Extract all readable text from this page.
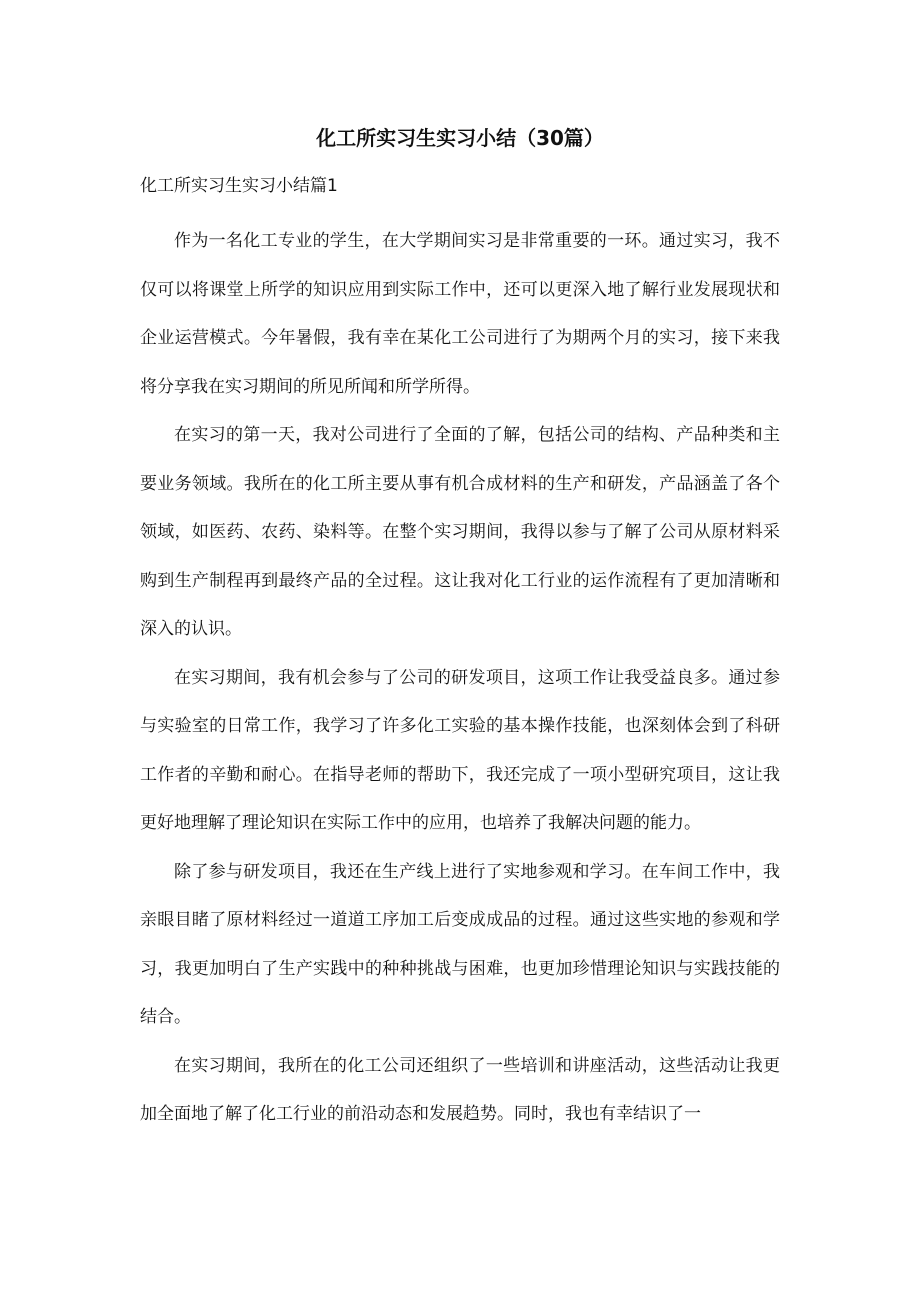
化工所实习生实习小结（30篇）

化工所实习生实习小结篇1

作为一名化工专业的学生，在大学期间实习是非常重要的一环。通过实习，我不仅可以将课堂上所学的知识应用到实际工作中，还可以更深入地了解行业发展现状和企业运营模式。今年暑假，我有幸在某化工公司进行了为期两个月的实习，接下来我将分享我在实习期间的所见所闻和所学所得。

在实习的第一天，我对公司进行了全面的了解，包括公司的结构、产品种类和主要业务领域。我所在的化工所主要从事有机合成材料的生产和研发，产品涵盖了各个领域，如医药、农药、染料等。在整个实习期间，我得以参与了解了公司从原材料采购到生产制程再到最终产品的全过程。这让我对化工行业的运作流程有了更加清晰和深入的认识。

在实习期间，我有机会参与了公司的研发项目，这项工作让我受益良多。通过参与实验室的日常工作，我学习了许多化工实验的基本操作技能，也深刻体会到了科研工作者的辛勤和耐心。在指导老师的帮助下，我还完成了一项小型研究项目，这让我更好地理解了理论知识在实际工作中的应用，也培养了我解决问题的能力。

除了参与研发项目，我还在生产线上进行了实地参观和学习。在车间工作中，我亲眼目睹了原材料经过一道道工序加工后变成成品的过程。通过这些实地的参观和学习，我更加明白了生产实践中的种种挑战与困难，也更加珍惜理论知识与实践技能的结合。

在实习期间，我所在的化工公司还组织了一些培训和讲座活动，这些活动让我更加全面地了解了化工行业的前沿动态和发展趋势。同时，我也有幸结识了一
